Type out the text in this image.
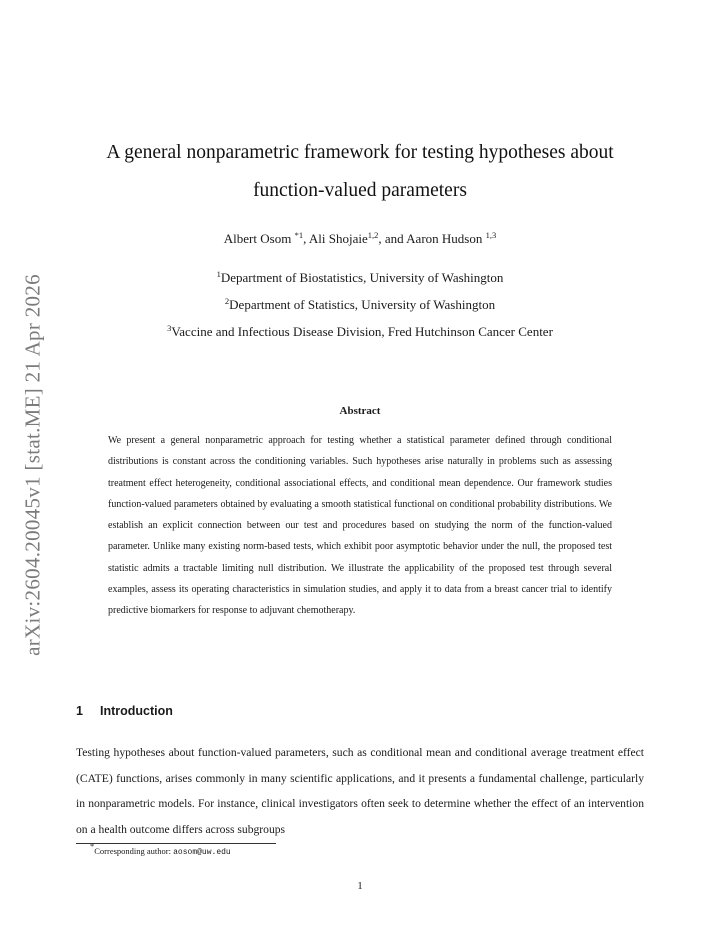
arXiv:2604.20045v1 [stat.ME] 21 Apr 2026
A general nonparametric framework for testing hypotheses about
function-valued parameters
Albert Osom $^{*1}$, Ali Shojaie$^{1,2}$, and Aaron Hudson $^{1,3}$
$^1$Department of Biostatistics, University of Washington
$^2$Department of Statistics, University of Washington
$^3$Vaccine and Infectious Disease Division, Fred Hutchinson Cancer Center
Abstract
We present a general nonparametric approach for testing whether a statistical parameter defined through conditional distributions is constant across the conditioning variables. Such hypotheses arise naturally in problems such as assessing treatment effect heterogeneity, conditional associational effects, and conditional mean dependence. Our framework studies function-valued parameters obtained by evaluating a smooth statistical functional on conditional probability distributions. We establish an explicit connection between our test and procedures based on studying the norm of the function-valued parameter. Unlike many existing norm-based tests, which exhibit poor asymptotic behavior under the null, the proposed test statistic admits a tractable limiting null distribution. We illustrate the applicability of the proposed test through several examples, assess its operating characteristics in simulation studies, and apply it to data from a breast cancer trial to identify predictive biomarkers for response to adjuvant chemotherapy.
1 Introduction
Testing hypotheses about function-valued parameters, such as conditional mean and conditional average treatment effect (CATE) functions, arises commonly in many scientific applications, and it presents a fundamental challenge, particularly in nonparametric models. For instance, clinical investigators often seek to determine whether the effect of an intervention on a health outcome differs across subgroups
*Corresponding author: aosom@uw.edu
1
